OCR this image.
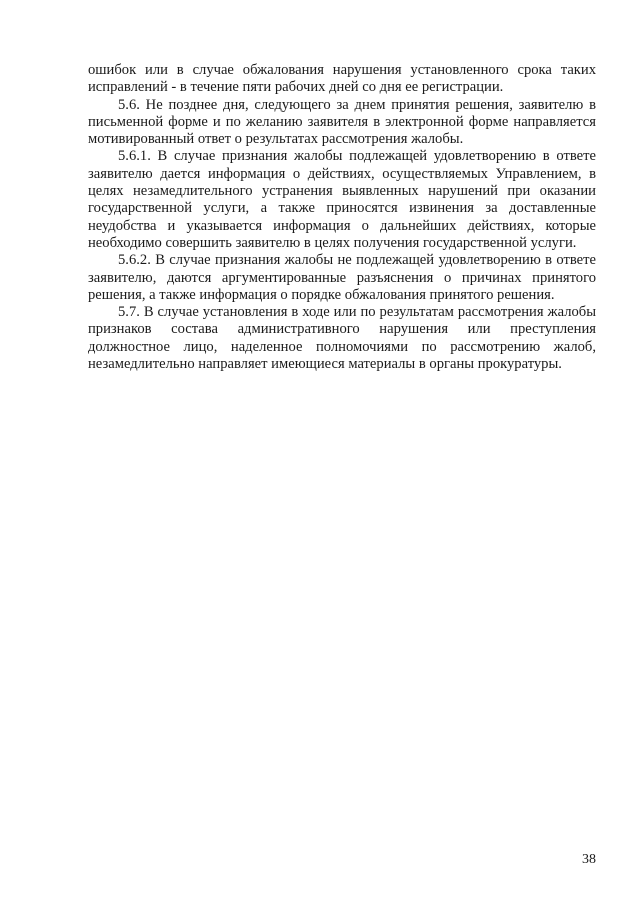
ошибок или в случае обжалования нарушения установленного срока таких исправлений - в течение пяти рабочих дней со дня ее регистрации.

5.6. Не позднее дня, следующего за днем принятия решения, заявителю в письменной форме и по желанию заявителя в электронной форме направляется мотивированный ответ о результатах рассмотрения жалобы.

5.6.1. В случае признания жалобы подлежащей удовлетворению в ответе заявителю дается информация о действиях, осуществляемых Управлением, в целях незамедлительного устранения выявленных нарушений при оказании государственной услуги, а также приносятся извинения за доставленные неудобства и указывается информация о дальнейших действиях, которые необходимо совершить заявителю в целях получения государственной услуги.

5.6.2. В случае признания жалобы не подлежащей удовлетворению в ответе заявителю, даются аргументированные разъяснения о причинах принятого решения, а также информация о порядке обжалования принятого решения.

5.7. В случае установления в ходе или по результатам рассмотрения жалобы признаков состава административного нарушения или преступления должностное лицо, наделенное полномочиями по рассмотрению жалоб, незамедлительно направляет имеющиеся материалы в органы прокуратуры.

38
